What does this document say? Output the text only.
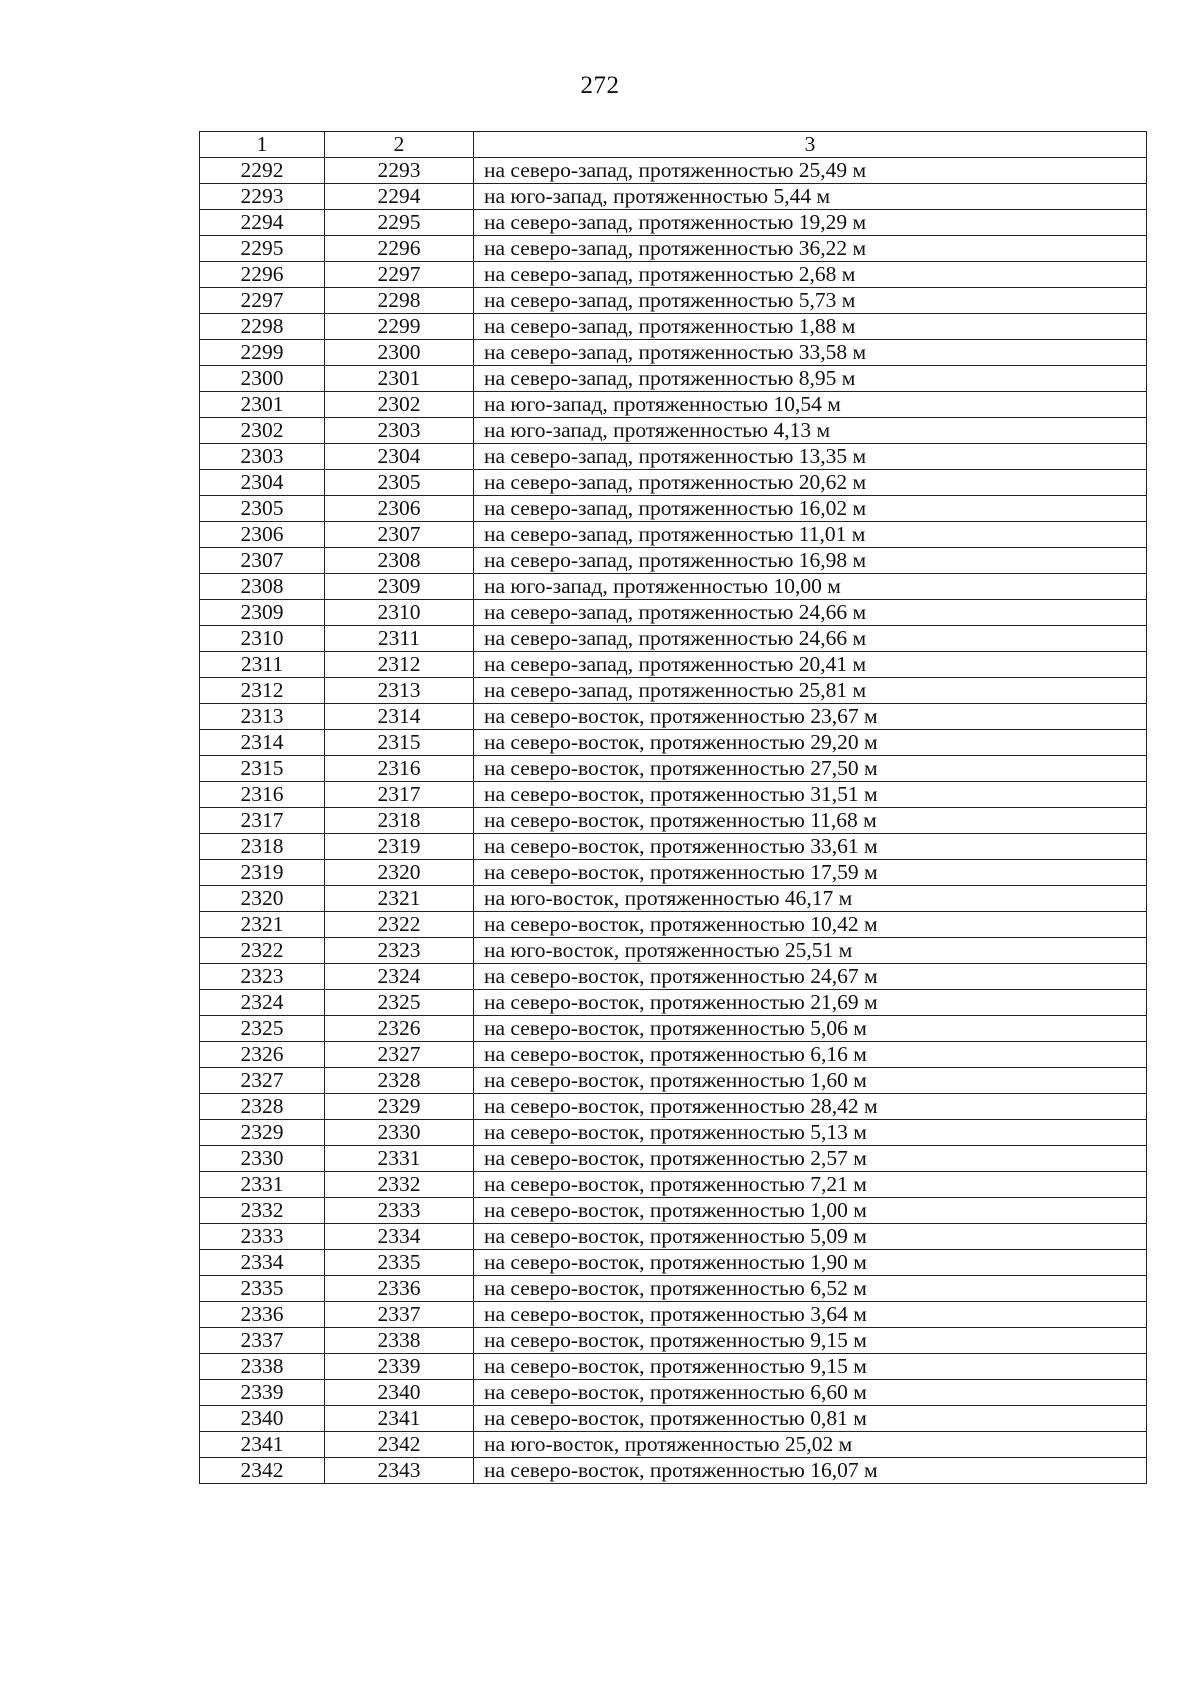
272
1	2	3
2292	2293	на северо-запад, протяженностью 25,49 м
2293	2294	на юго-запад, протяженностью 5,44 м
2294	2295	на северо-запад, протяженностью 19,29 м
2295	2296	на северо-запад, протяженностью 36,22 м
2296	2297	на северо-запад, протяженностью 2,68 м
2297	2298	на северо-запад, протяженностью 5,73 м
2298	2299	на северо-запад, протяженностью 1,88 м
2299	2300	на северо-запад, протяженностью 33,58 м
2300	2301	на северо-запад, протяженностью 8,95 м
2301	2302	на юго-запад, протяженностью 10,54 м
2302	2303	на юго-запад, протяженностью 4,13 м
2303	2304	на северо-запад, протяженностью 13,35 м
2304	2305	на северо-запад, протяженностью 20,62 м
2305	2306	на северо-запад, протяженностью 16,02 м
2306	2307	на северо-запад, протяженностью 11,01 м
2307	2308	на северо-запад, протяженностью 16,98 м
2308	2309	на юго-запад, протяженностью 10,00 м
2309	2310	на северо-запад, протяженностью 24,66 м
2310	2311	на северо-запад, протяженностью 24,66 м
2311	2312	на северо-запад, протяженностью 20,41 м
2312	2313	на северо-запад, протяженностью 25,81 м
2313	2314	на северо-восток, протяженностью 23,67 м
2314	2315	на северо-восток, протяженностью 29,20 м
2315	2316	на северо-восток, протяженностью 27,50 м
2316	2317	на северо-восток, протяженностью 31,51 м
2317	2318	на северо-восток, протяженностью 11,68 м
2318	2319	на северо-восток, протяженностью 33,61 м
2319	2320	на северо-восток, протяженностью 17,59 м
2320	2321	на юго-восток, протяженностью 46,17 м
2321	2322	на северо-восток, протяженностью 10,42 м
2322	2323	на юго-восток, протяженностью 25,51 м
2323	2324	на северо-восток, протяженностью 24,67 м
2324	2325	на северо-восток, протяженностью 21,69 м
2325	2326	на северо-восток, протяженностью 5,06 м
2326	2327	на северо-восток, протяженностью 6,16 м
2327	2328	на северо-восток, протяженностью 1,60 м
2328	2329	на северо-восток, протяженностью 28,42 м
2329	2330	на северо-восток, протяженностью 5,13 м
2330	2331	на северо-восток, протяженностью 2,57 м
2331	2332	на северо-восток, протяженностью 7,21 м
2332	2333	на северо-восток, протяженностью 1,00 м
2333	2334	на северо-восток, протяженностью 5,09 м
2334	2335	на северо-восток, протяженностью 1,90 м
2335	2336	на северо-восток, протяженностью 6,52 м
2336	2337	на северо-восток, протяженностью 3,64 м
2337	2338	на северо-восток, протяженностью 9,15 м
2338	2339	на северо-восток, протяженностью 9,15 м
2339	2340	на северо-восток, протяженностью 6,60 м
2340	2341	на северо-восток, протяженностью 0,81 м
2341	2342	на юго-восток, протяженностью 25,02 м
2342	2343	на северо-восток, протяженностью 16,07 м
